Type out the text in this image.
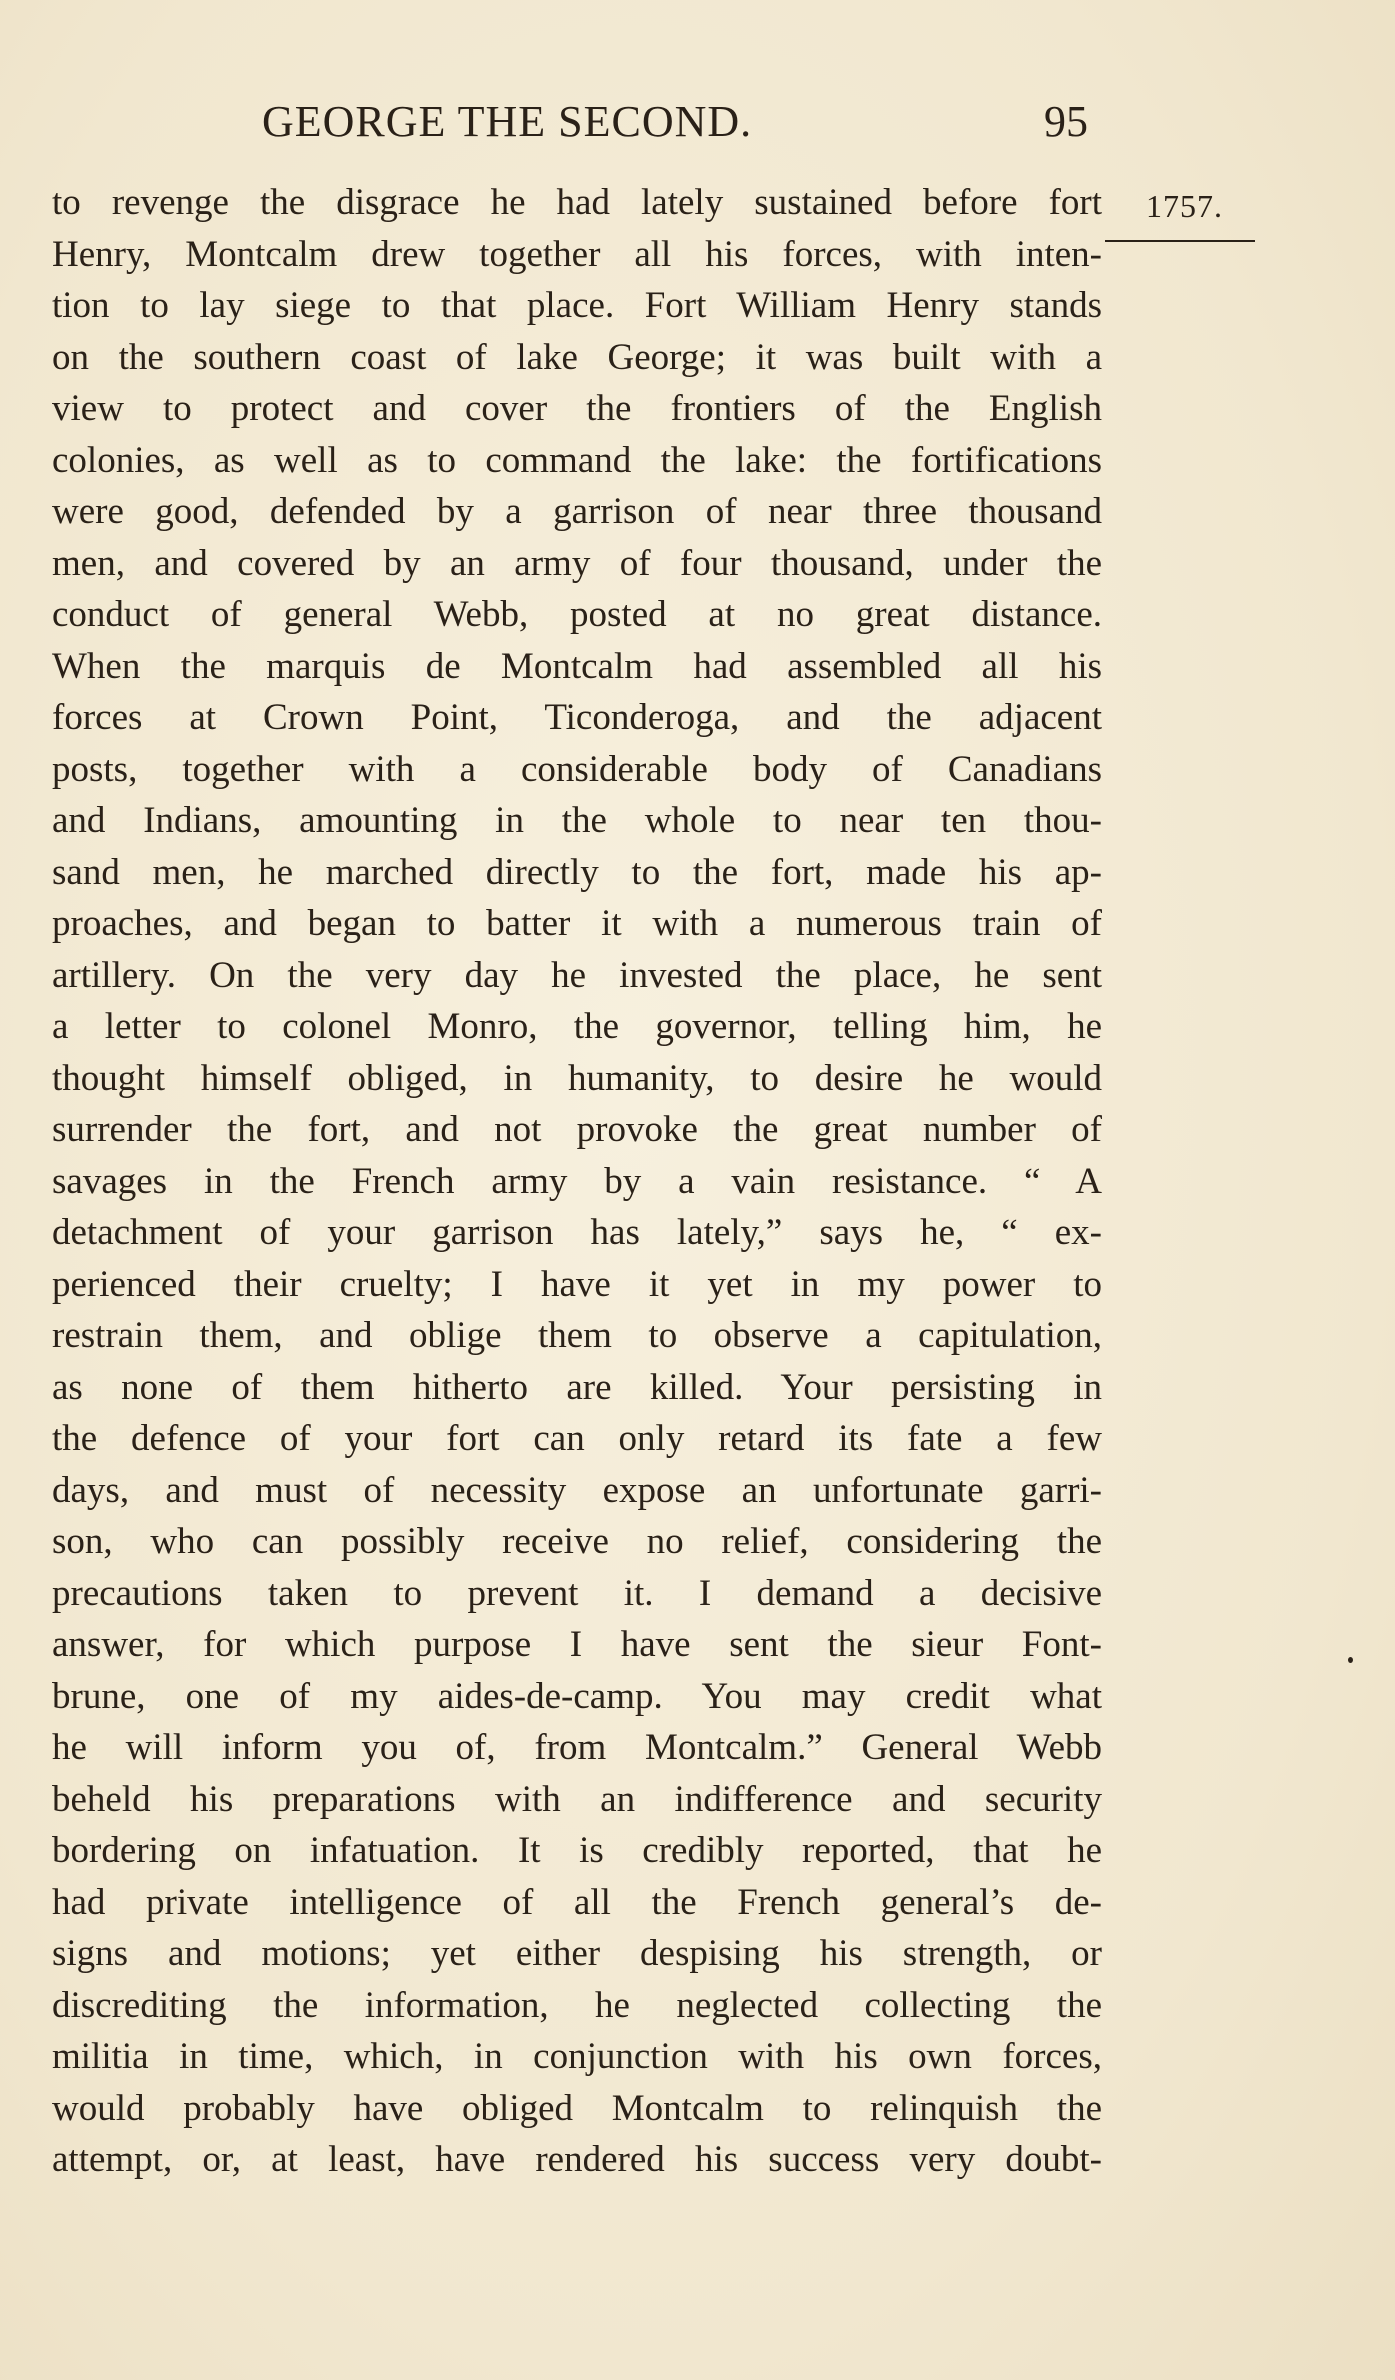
GEORGE THE SECOND.	95
1757.
to revenge the disgrace he had lately sustained before fort
Henry, Montcalm drew together all his forces, with inten-
tion to lay siege to that place. Fort William Henry stands
on the southern coast of lake George; it was built with a
view to protect and cover the frontiers of the English
colonies, as well as to command the lake: the fortifications
were good, defended by a garrison of near three thousand
men, and covered by an army of four thousand, under the
conduct of general Webb, posted at no great distance.
When the marquis de Montcalm had assembled all his
forces at Crown Point, Ticonderoga, and the adjacent
posts, together with a considerable body of Canadians
and Indians, amounting in the whole to near ten thou-
sand men, he marched directly to the fort, made his ap-
proaches, and began to batter it with a numerous train of
artillery. On the very day he invested the place, he sent
a letter to colonel Monro, the governor, telling him, he
thought himself obliged, in humanity, to desire he would
surrender the fort, and not provoke the great number of
savages in the French army by a vain resistance. “ A
detachment of your garrison has lately,” says he, “ ex-
perienced their cruelty; I have it yet in my power to
restrain them, and oblige them to observe a capitulation,
as none of them hitherto are killed. Your persisting in
the defence of your fort can only retard its fate a few
days, and must of necessity expose an unfortunate garri-
son, who can possibly receive no relief, considering the
precautions taken to prevent it. I demand a decisive
answer, for which purpose I have sent the sieur Font-
brune, one of my aides-de-camp. You may credit what
he will inform you of, from Montcalm.” General Webb
beheld his preparations with an indifference and security
bordering on infatuation. It is credibly reported, that he
had private intelligence of all the French general’s de-
signs and motions; yet either despising his strength, or
discrediting the information, he neglected collecting the
militia in time, which, in conjunction with his own forces,
would probably have obliged Montcalm to relinquish the
attempt, or, at least, have rendered his success very doubt-
